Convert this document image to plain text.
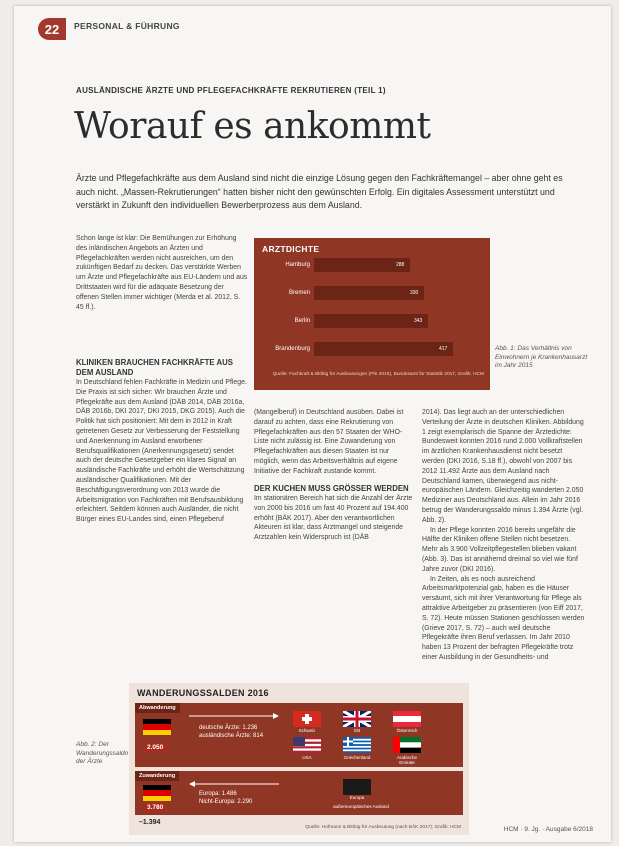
22	PERSONAL & FÜHRUNG
AUSLÄNDISCHE ÄRZTE UND PFLEGEFACHKRÄFTE REKRUTIEREN (TEIL 1)
Worauf es ankommt
Ärzte und Pflegefachkräfte aus dem Ausland sind nicht die einzige Lösung gegen den Fachkräftemangel – aber ohne geht es auch nicht. „Massen-Rekrutierungen“ hatten bisher nicht den gewünschten Erfolg. Ein digitales Assessment unterstützt und verstärkt in Zukunft den individuellen Bewerberprozess aus dem Ausland.

Schon lange ist klar: Die Bemühungen zur Erhöhung des inländischen Angebots an Ärzten und Pflegefachkräften werden nicht ausreichen, um den zukünftigen Bedarf zu decken. Das verstärkte Werben um Ärzte und Pflegefachkräfte aus EU-Ländern und aus Drittstaaten wird für die adäquate Besetzung der offenen Stellen immer wichtiger (Merda et al. 2012, S. 45 ff.).

KLINIKEN BRAUCHEN FACHKRÄFTE AUS DEM AUSLAND

In Deutschland fehlen Fachkräfte in Medizin und Pflege. Die Praxis ist sich sicher: Wir brauchen Ärzte und Pflegekräfte aus dem Ausland (DÄB 2014, DÄB 2016a, DÄB 2016b, DKI 2017, DKI 2015, DKG 2015). Auch die Politik hat sich positioniert: Mit dem in 2012 in Kraft getretenen Gesetz zur Verbesserung der Feststellung und Anerkennung im Ausland erworbener Berufsqualifikationen (Anerkennungsgesetz) sendet auch der deutsche Gesetzgeber ein klares Signal an ausländische Fachkräfte und erhöht die Wertschätzung ausländischer Qualifikationen. Mit der Beschäftigungsverordnung von 2013 wurde die Arbeitsmigration von Fachkräften mit Berufsausbildung erleichtert. Seitdem können auch Ausländer, die nicht Bürger eines EU-Landes sind, einen Pflegeberuf

(Mangelberuf) in Deutschland ausüben. Dabei ist darauf zu achten, dass eine Rekrutierung von Pflegefachkräften aus den 57 Staaten der WHO-Liste nicht zulässig ist. Eine Zuwanderung von Pflegefachkräften aus diesen Staaten ist nur möglich, wenn das Arbeitsverhältnis auf eigene Initiative der Fachkraft zustande kommt.

DER KUCHEN MUSS GRÖSSER WERDEN

Im stationären Bereich hat sich die Anzahl der Ärzte von 2000 bis 2016 um fast 40 Prozent auf 194.400 erhöht (BÄK 2017). Aber den verantwortlichen Akteuren ist klar, dass Arztmangel und steigende Arztzahlen kein Widerspruch ist (DÄB

2014). Das liegt auch an der unterschiedlichen Verteilung der Ärzte in deutschen Kliniken. Abbildung 1 zeigt exemplarisch die Spanne der Ärztedichte: Bundesweit konnten 2016 rund 2.000 Vollkraftstellen im ärztlichen Krankenhausdienst nicht besetzt werden (DKI 2016, S.18 ff.), obwohl von 2007 bis 2012 11.492 Ärzte aus dem Ausland nach Deutschland kamen, überwiegend aus nicht-europäischen Ländern. Gleichzeitig wanderten 2.050 Mediziner aus Deutschland aus. Allein im Jahr 2016 betrug der Wanderungssaldo minus 1.394 Ärzte (vgl. Abb. 2).

In der Pflege konnten 2016 bereits ungefähr die Hälfte der Kliniken offene Stellen nicht besetzen. Mehr als 3.900 Vollzeitpflegestellen blieben vakant (Abb. 3). Das ist annähernd dreimal so viel wie fünf Jahre zuvor (DKI 2016).

In Zeiten, als es noch ausreichend Arbeitsmarktpotenzial gab, haben es die Häuser versäumt, sich mit ihrer Verantwortung für Pflege als attraktive Arbeitgeber zu präsentieren (von Eiff 2017, S. 72). Heute müssen Stationen geschlossen werden (Grieve 2017, S. 72) – auch weil deutsche Pflegekräfte ihren Beruf verlassen. Im Jahr 2010 haben 13 Prozent der befragten Pflegekräfte trotz einer Ausbildung in der Gesundheits- und

ARZTDICHTE
Hamburg	288
Bremen	330
Berlin	343
Brandenburg	417
Quelle: Fachkraft & Blöbig für Ausbeutungen (Pfe 2016), Bundesamt für Statistik 2017, Grafik: HCM
Abb. 1: Das Verhältnis von Einwohnern je Krankenhausarzt im Jahr 2015
WANDERUNGSSALDEN 2016
Abwanderung
2.050
deutsche Ärzte: 1.236
ausländische Ärzte: 814
Schweiz	GB	Österreich
USA	Griechenland	Arabische Emirate
Zuwanderung
3.780
Europa: 1.486
Nicht-Europa: 2.290
Europa
außereuropäisches Ausland
–1.394
Quelle: Hofmann & Blöbig für Ausbeutung (nach BÄK 2017), Grafik: HCM
Abb. 2: Der Wanderungssaldo der Ärzte
HCM · 9. Jg. · Ausgabe 6/2018
